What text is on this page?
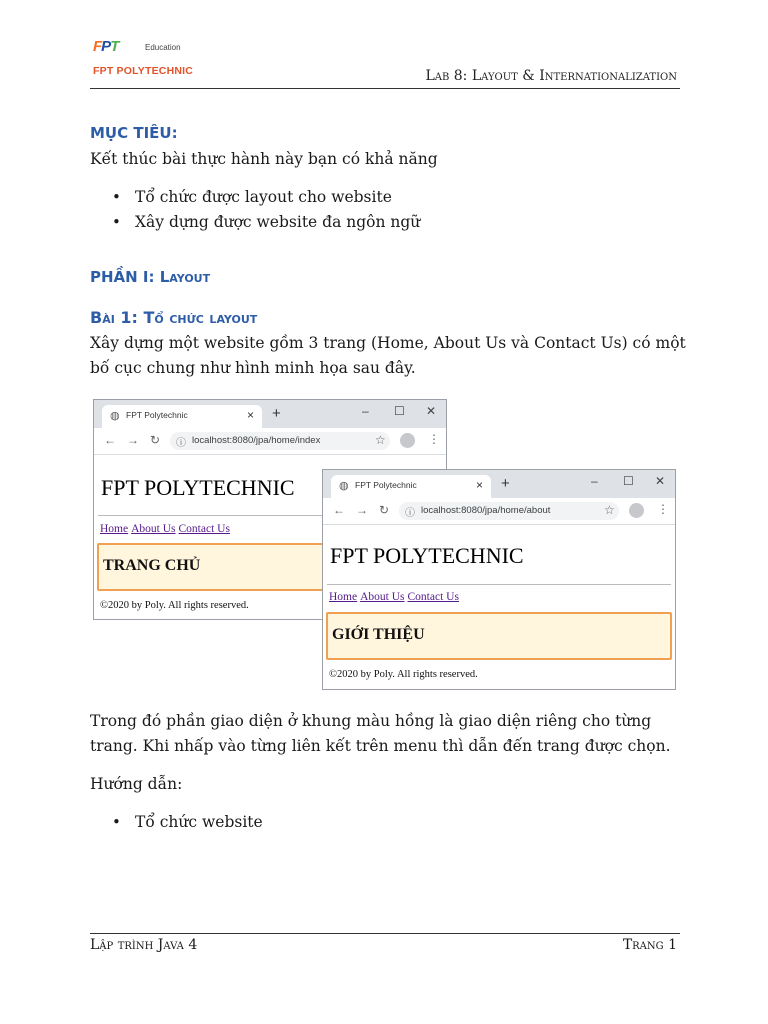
FPT	Education
FPT POLYTECHNIC	Lab 8: Layout & Internationalization
MỤC TIÊU:
Kết thúc bài thực hành này bạn có khả năng
• Tổ chức được layout cho website
• Xây dựng được website đa ngôn ngữ
PHẦN I: Layout
Bài 1: Tổ chức layout
Xây dựng một website gồm 3 trang (Home, About Us và Contact Us) có một bố cục chung như hình minh họa sau đây.
◍ FPT Polytechnic	× +	– ☐ ✕
← → ↻ ⓘ localhost:8080/jpa/home/index	☆	⋮
FPT POLYTECHNIC
Home About Us Contact Us
TRANG CHỦ
©2020 by Poly. All rights reserved.
◍ FPT Polytechnic	× +	– ☐ ✕
← → ↻ ⓘ localhost:8080/jpa/home/about	☆	⋮
FPT POLYTECHNIC
Home About Us Contact Us
GIỚI THIỆU
©2020 by Poly. All rights reserved.
Trong đó phần giao diện ở khung màu hồng là giao diện riêng cho từng trang. Khi nhấp vào từng liên kết trên menu thì dẫn đến trang được chọn.
Hướng dẫn:
• Tổ chức website
Lập trình Java 4	Trang 1
